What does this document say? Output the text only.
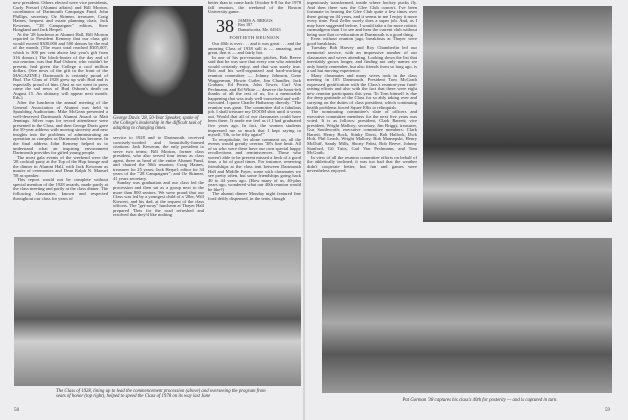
new president. Others elected were vice presidents, Curly Pressel (Alumni affairs) and Bill Morton, coordinator of Dartmouth Campaign Fund, John Phillips, secretary, Oz Skinner, treasurer, Craig Haines, bequest and estate planning chair, Jack Keweran, "'28 Campaigner" editors, Stew Hoagland and Jack Herpel.

At the '28 luncheon at Alumni Hall, Bill Morton reported to President Kemeny that our class gift would exceed $300,000 and 500 donors by the end of the month. (The exact total reached $305,007, which is 300 per cent above last year's gift from 316 donors.) The block-buster of the day and of our reunion, was that Bud Osborn, who couldn't be present, had given the College a cool million dollars. (See news of the gift in the front of the MAGAZINE.) Dartmouth is certainly proud of Bud. The Class of 1928 grew up with Bud and is especially proud of him. (Just as we went to press came the sad news of Bud Osborn's death on August 15. An obituary will appear next month. Eds.)

After the luncheon the annual meeting of the General Association of Alumni was held in Spaulding Auditorium. Mike McGean presented a well-deserved Dartmouth Alumni Award to Matt Jennings. Silver cups for record attendance were presented to the Class, and then George Davis gave the 50-year address with moving sincerity and new insights into the problems of administrating an operation as complex as Dartmouth has become. In the final address John Kemeny helped us to understand what an inspiring environment Dartmouth provides for gifted young people.

The most gala events of the weekend were the '28 cocktail party at the Top of the Hop lounge and the dinner in Alumni Hall, with Jack Keweran as master of ceremonies and Dean Ralph N. Manuel '58 as speaker.

This report would not be complete without special mention of the 1928 awards, made partly at the class meeting and partly at the class dinner. The following classmates, known and respected throughout our class for years of

George Davis '28, 50-Year Speaker, spoke of the College's leadership in the difficult task of adapting to changing times.

service to 1928 and to Dartmouth, received concisely-worded and beautifully-framed citations: Jack Keweran, the only president to serve two terms; Bill Morton, former class president, who also served four terms as class agent, three as head of the entire Alumni Fund, and chaired the 50th reunion; Craig Haines, treasurer for 25 years; Jack Herpel, editor for 34 years of the "'28 Campaigner"; and Oz Skinner, 41 years secretary.

Sunday was graduation and our class led the procession and then sat as a group next to the more than 800 seniors. We were proud that our Class was led by a youngest child of a '28er, Will Kiewert, and his dad, at the request of the class officers. The "get-away" luncheon at Thayer Hall prepared 'Dets for the road refreshed and resolved that they'd like nothing

better than to come back October 6-8 for the 1978 fall reunion, the weekend of the Boston University game.

38 JAMES A. BRIGGS
Box 187
Damariscotta, Me. 04543

FORTIETH REUNION

Our 40th is over . . . and it was great . . . and the amazing Class of 1938 still is — amazing, and great, that is — and fairly hot.

In one of his pre-reunion pitches, Bob Reeve said that he was sure that every one who attended would certainly enjoy, and that was surely true. Bob and his well-organized and hard-working reunion committee — Johnny Johnson, Gene Waggerman, Howie Cutler, Jim Chandler, Jack Graham, Ed Perrin, John Tower, Carl Von Pechmann, and Ed White — deserve the heart-felt thanks of all the rest of us, for a memorable happening that was truly well-conceived and well-executed. I quote Charlie Hathaway directly: "The reunion was great. The committee did a fabulous job. I shall treasure my DOOM shirt until it wears out. Would that all of our classmates could have been there. It made me feel as if I had graduated five years ago. In fact, the women students impressed me so much that I kept saying to myself, 'Oh, to be fifty again!'"

To recapitulate, let alone comment on, all the events would greatly overtax '38's line limit. All of us who were there have our own special happy recollections and reminiscences. Those who weren't able to be present missed a heck of a good time, a lot of good times. For instance, renewing friendships at the class tent between Dartmouth Hall and Middle Fayer, some with classmates we see pretty often, but some friendships going back 40 to 44 years ago. (How many of us, 40-plus years ago, wondered what our 40th reunion would be like?)

The alumni dinner Monday night featured fine food deftly dispensed, in the tents, though

The Class of 1928, lining up to lead the commencement procession (above) and overseeing the program from seats of honor (top right), helped to speed the Class of 1978 on its way last June
58

ingeniously transformed, inside where hockey pucks fly. And then there was the Glee Club concert. I've been fortunate in hearing the Glee Club quite a few times over these going-on 44 years, and it seems to me I enjoy it more every time. Paul Zeller surely does a super job. And, as I may have suggested before, I would take a far more rotistic curmudgeon than I to see and hear the current club without being sure that co-education at Dartmouth is a good thing.

Even without reunion jugs, breakfasts at Thayer were good breakfasts.

Tuesday Bob Harvey and Roy Chamberlin led our memorial service, with an impressive number of our classmates and wives attending. Looking down the list that inevitably grows longer, and finding not only names we only barely remember, but also friends from so long ago, is a sad but moving experience.

Many classmates and many wives took in the class meeting in 105 Dartmouth. President Tom McGrath expressed gratification with the Class's reunion-year fund-raising efforts and also with the fact that there were eight new reunion participants this year. To Tom himself is due the deep gratitude of the Class for so ably taking over and carrying on the duties of class president, which continuing health problems forced Squee Ellis to relinquish.

The nominating committee's slate of officers and executive committee members for the next five years was voted. It is as follows: president, Clark Barrett; vice president, Wright Mallory; secretary, Jim Briggs; treasurer, Gus Southworth; executive committee members: Clark Barrett, Henry Bock, Stinky Davis, Bob Hallock, Dick Holt, Phil Leach, Wright Mallory, Bob Mansepski, Henry McDuff, Sandy Mills, Shorty Pabst, Bob Reeve, Johnny Stanford, Gil Tuits, Carl Von Pechmann, and Tom McGrath.

In view of all the reunion committee efforts on behalf of the athletically inclined, it was too bad that the weather didn't cooperate better, but fun and games were nevertheless enjoyed.

Pat Gorman '38 captures his class's 40th for posterity — and is captured in turn.
59
